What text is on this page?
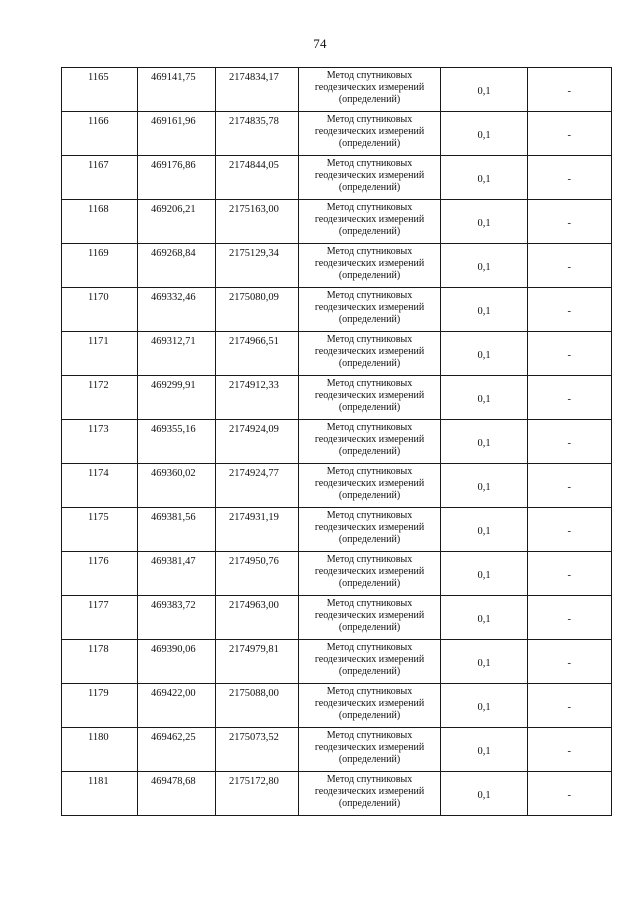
74
1165	469141,75	2174834,17	Метод спутниковых
геодезических измерений
(определений)	0,1	-
1166	469161,96	2174835,78	Метод спутниковых
геодезических измерений
(определений)	0,1	-
1167	469176,86	2174844,05	Метод спутниковых
геодезических измерений
(определений)	0,1	-
1168	469206,21	2175163,00	Метод спутниковых
геодезических измерений
(определений)	0,1	-
1169	469268,84	2175129,34	Метод спутниковых
геодезических измерений
(определений)	0,1	-
1170	469332,46	2175080,09	Метод спутниковых
геодезических измерений
(определений)	0,1	-
1171	469312,71	2174966,51	Метод спутниковых
геодезических измерений
(определений)	0,1	-
1172	469299,91	2174912,33	Метод спутниковых
геодезических измерений
(определений)	0,1	-
1173	469355,16	2174924,09	Метод спутниковых
геодезических измерений
(определений)	0,1	-
1174	469360,02	2174924,77	Метод спутниковых
геодезических измерений
(определений)	0,1	-
1175	469381,56	2174931,19	Метод спутниковых
геодезических измерений
(определений)	0,1	-
1176	469381,47	2174950,76	Метод спутниковых
геодезических измерений
(определений)	0,1	-
1177	469383,72	2174963,00	Метод спутниковых
геодезических измерений
(определений)	0,1	-
1178	469390,06	2174979,81	Метод спутниковых
геодезических измерений
(определений)	0,1	-
1179	469422,00	2175088,00	Метод спутниковых
геодезических измерений
(определений)	0,1	-
1180	469462,25	2175073,52	Метод спутниковых
геодезических измерений
(определений)	0,1	-
1181	469478,68	2175172,80	Метод спутниковых
геодезических измерений
(определений)	0,1	-
